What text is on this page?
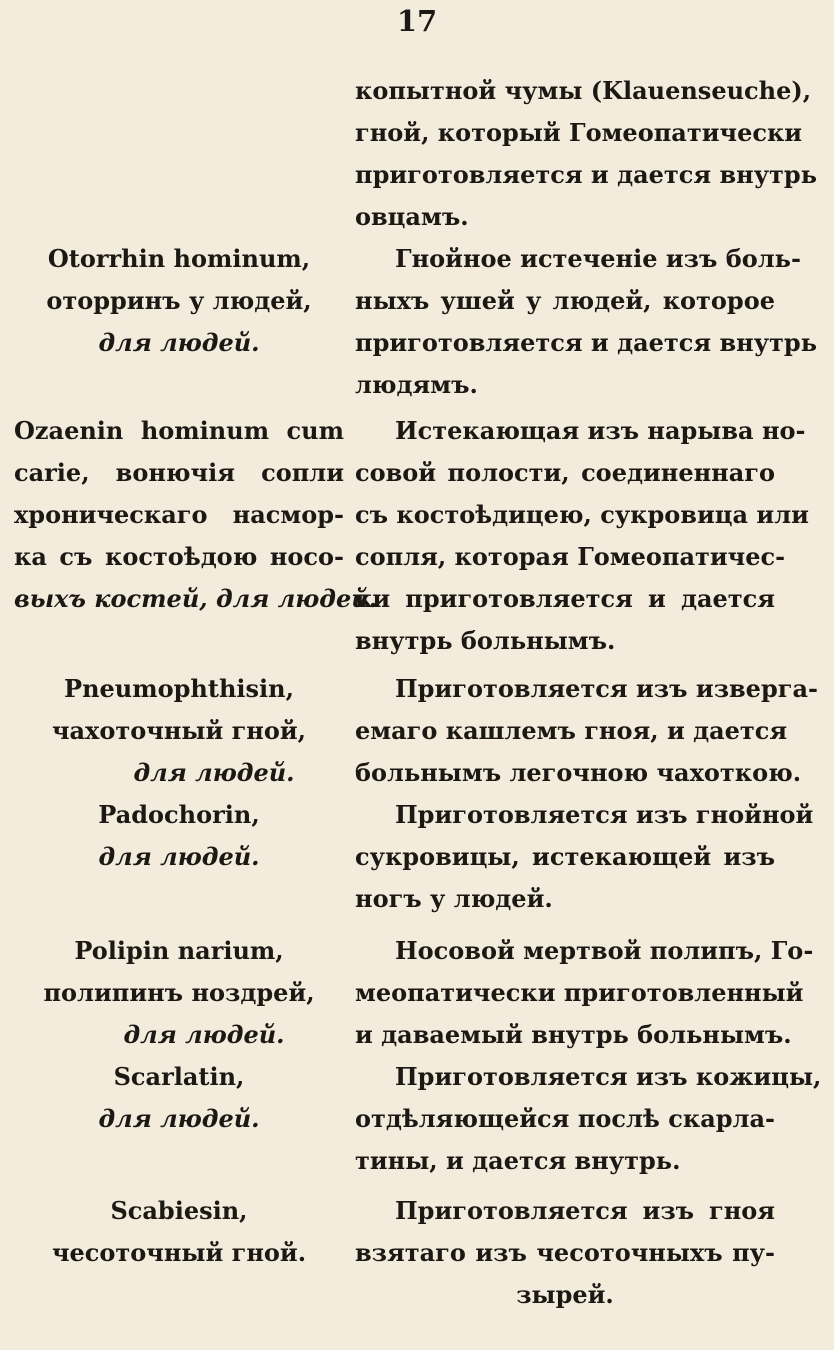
17
копытной чумы (Klauenseuche),
гной, который Гомеопатически
приготовляется и дается внутрь
овцамъ.
Otorrhin hominum,
оторринъ у людей,
для людей.
Гнойное истеченіе изъ боль-
ныхъ ушей у людей, которое
приготовляется и дается внутрь
людямъ.
Ozaenin hominum cum
carie, вонючія сопли
хроническаго насмор-
ка съ костоѣдою носо-
выхъ костей, для людей.
Истекающая изъ нарыва но-
совой полости, соединеннаго
съ костоѣдицею, сукровица или
сопля, которая Гомеопатичес-
ки приготовляется и дается
внутрь больнымъ.
Pneumophthisin,
чахоточный гной,
для людей.
Padochorin,
для людей.
Приготовляется изъ изверга-
емаго кашлемъ гноя, и дается
больнымъ легочною чахоткою.
Приготовляется изъ гнойной
сукровицы, истекающей изъ
ногъ у людей.
Polipin narium,
полипинъ ноздрей,
для людей.
Scarlatin,
для людей.
Носовой мертвой полипъ, Го-
меопатически приготовленный
и даваемый внутрь больнымъ.
Приготовляется изъ кожицы,
отдѣляющейся послѣ скарла-
тины, и дается внутрь.
Scabiesin,
чесоточный гной.
Приготовляется изъ гноя
взятаго изъ чесоточныхъ пу-
зырей.
